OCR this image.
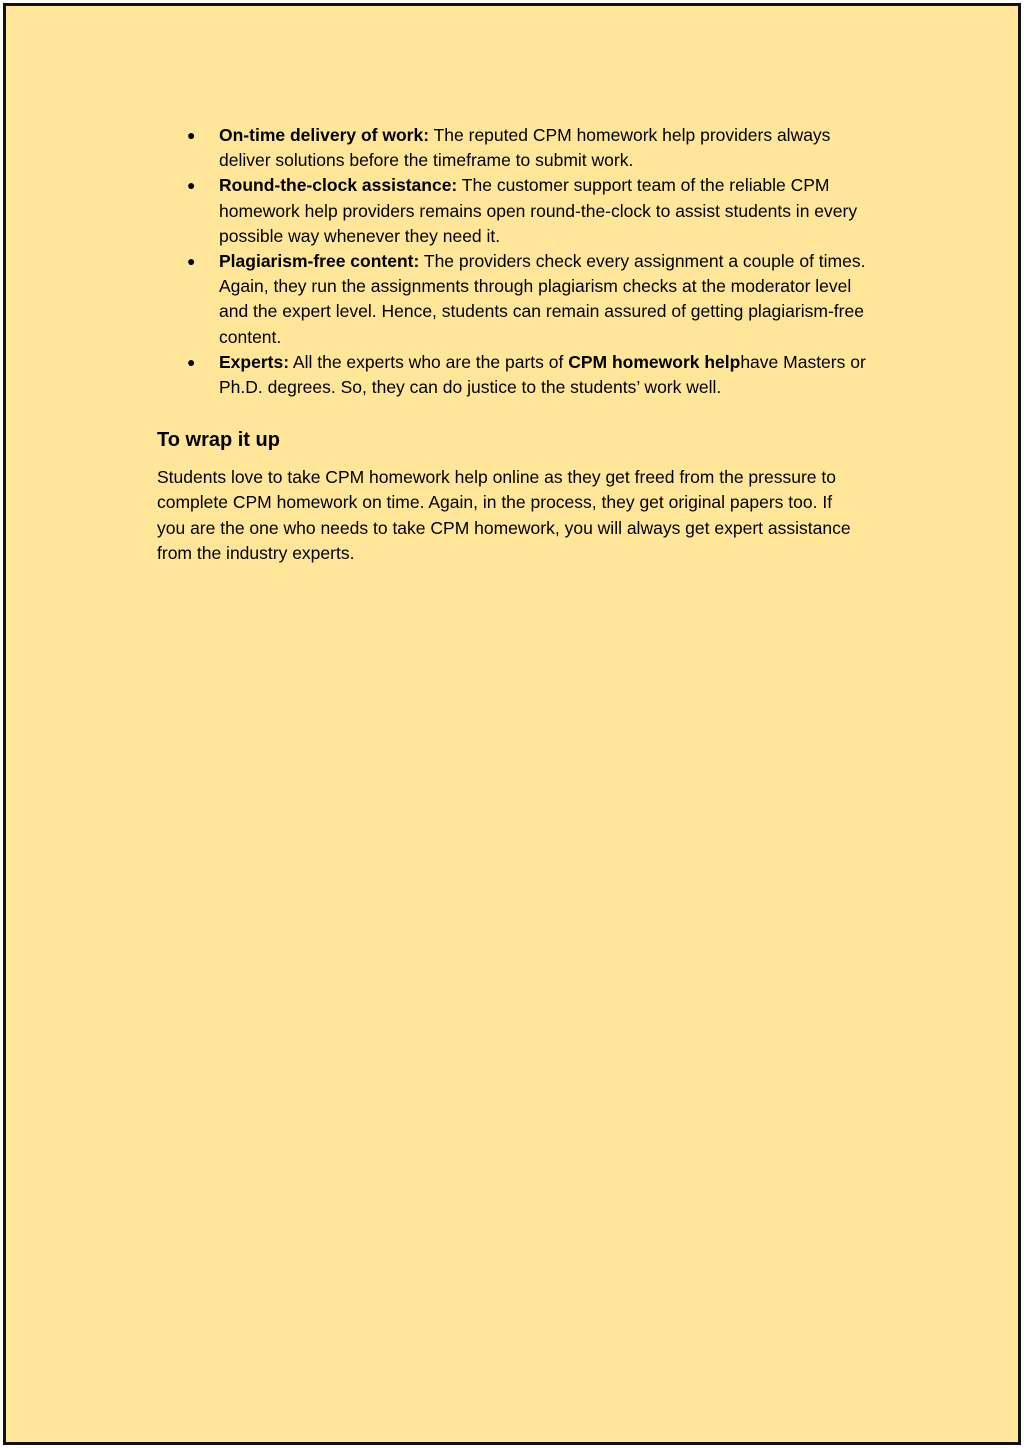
● On-time delivery of work: The reputed CPM homework help providers always deliver solutions before the timeframe to submit work.
● Round-the-clock assistance: The customer support team of the reliable CPM homework help providers remains open round-the-clock to assist students in every possible way whenever they need it.
● Plagiarism-free content: The providers check every assignment a couple of times. Again, they run the assignments through plagiarism checks at the moderator level and the expert level. Hence, students can remain assured of getting plagiarism-free content.
● Experts: All the experts who are the parts of CPM homework helphave Masters or Ph.D. degrees. So, they can do justice to the students’ work well.
To wrap it up

Students love to take CPM homework help online as they get freed from the pressure to complete CPM homework on time. Again, in the process, they get original papers too. If you are the one who needs to take CPM homework, you will always get expert assistance from the industry experts.
